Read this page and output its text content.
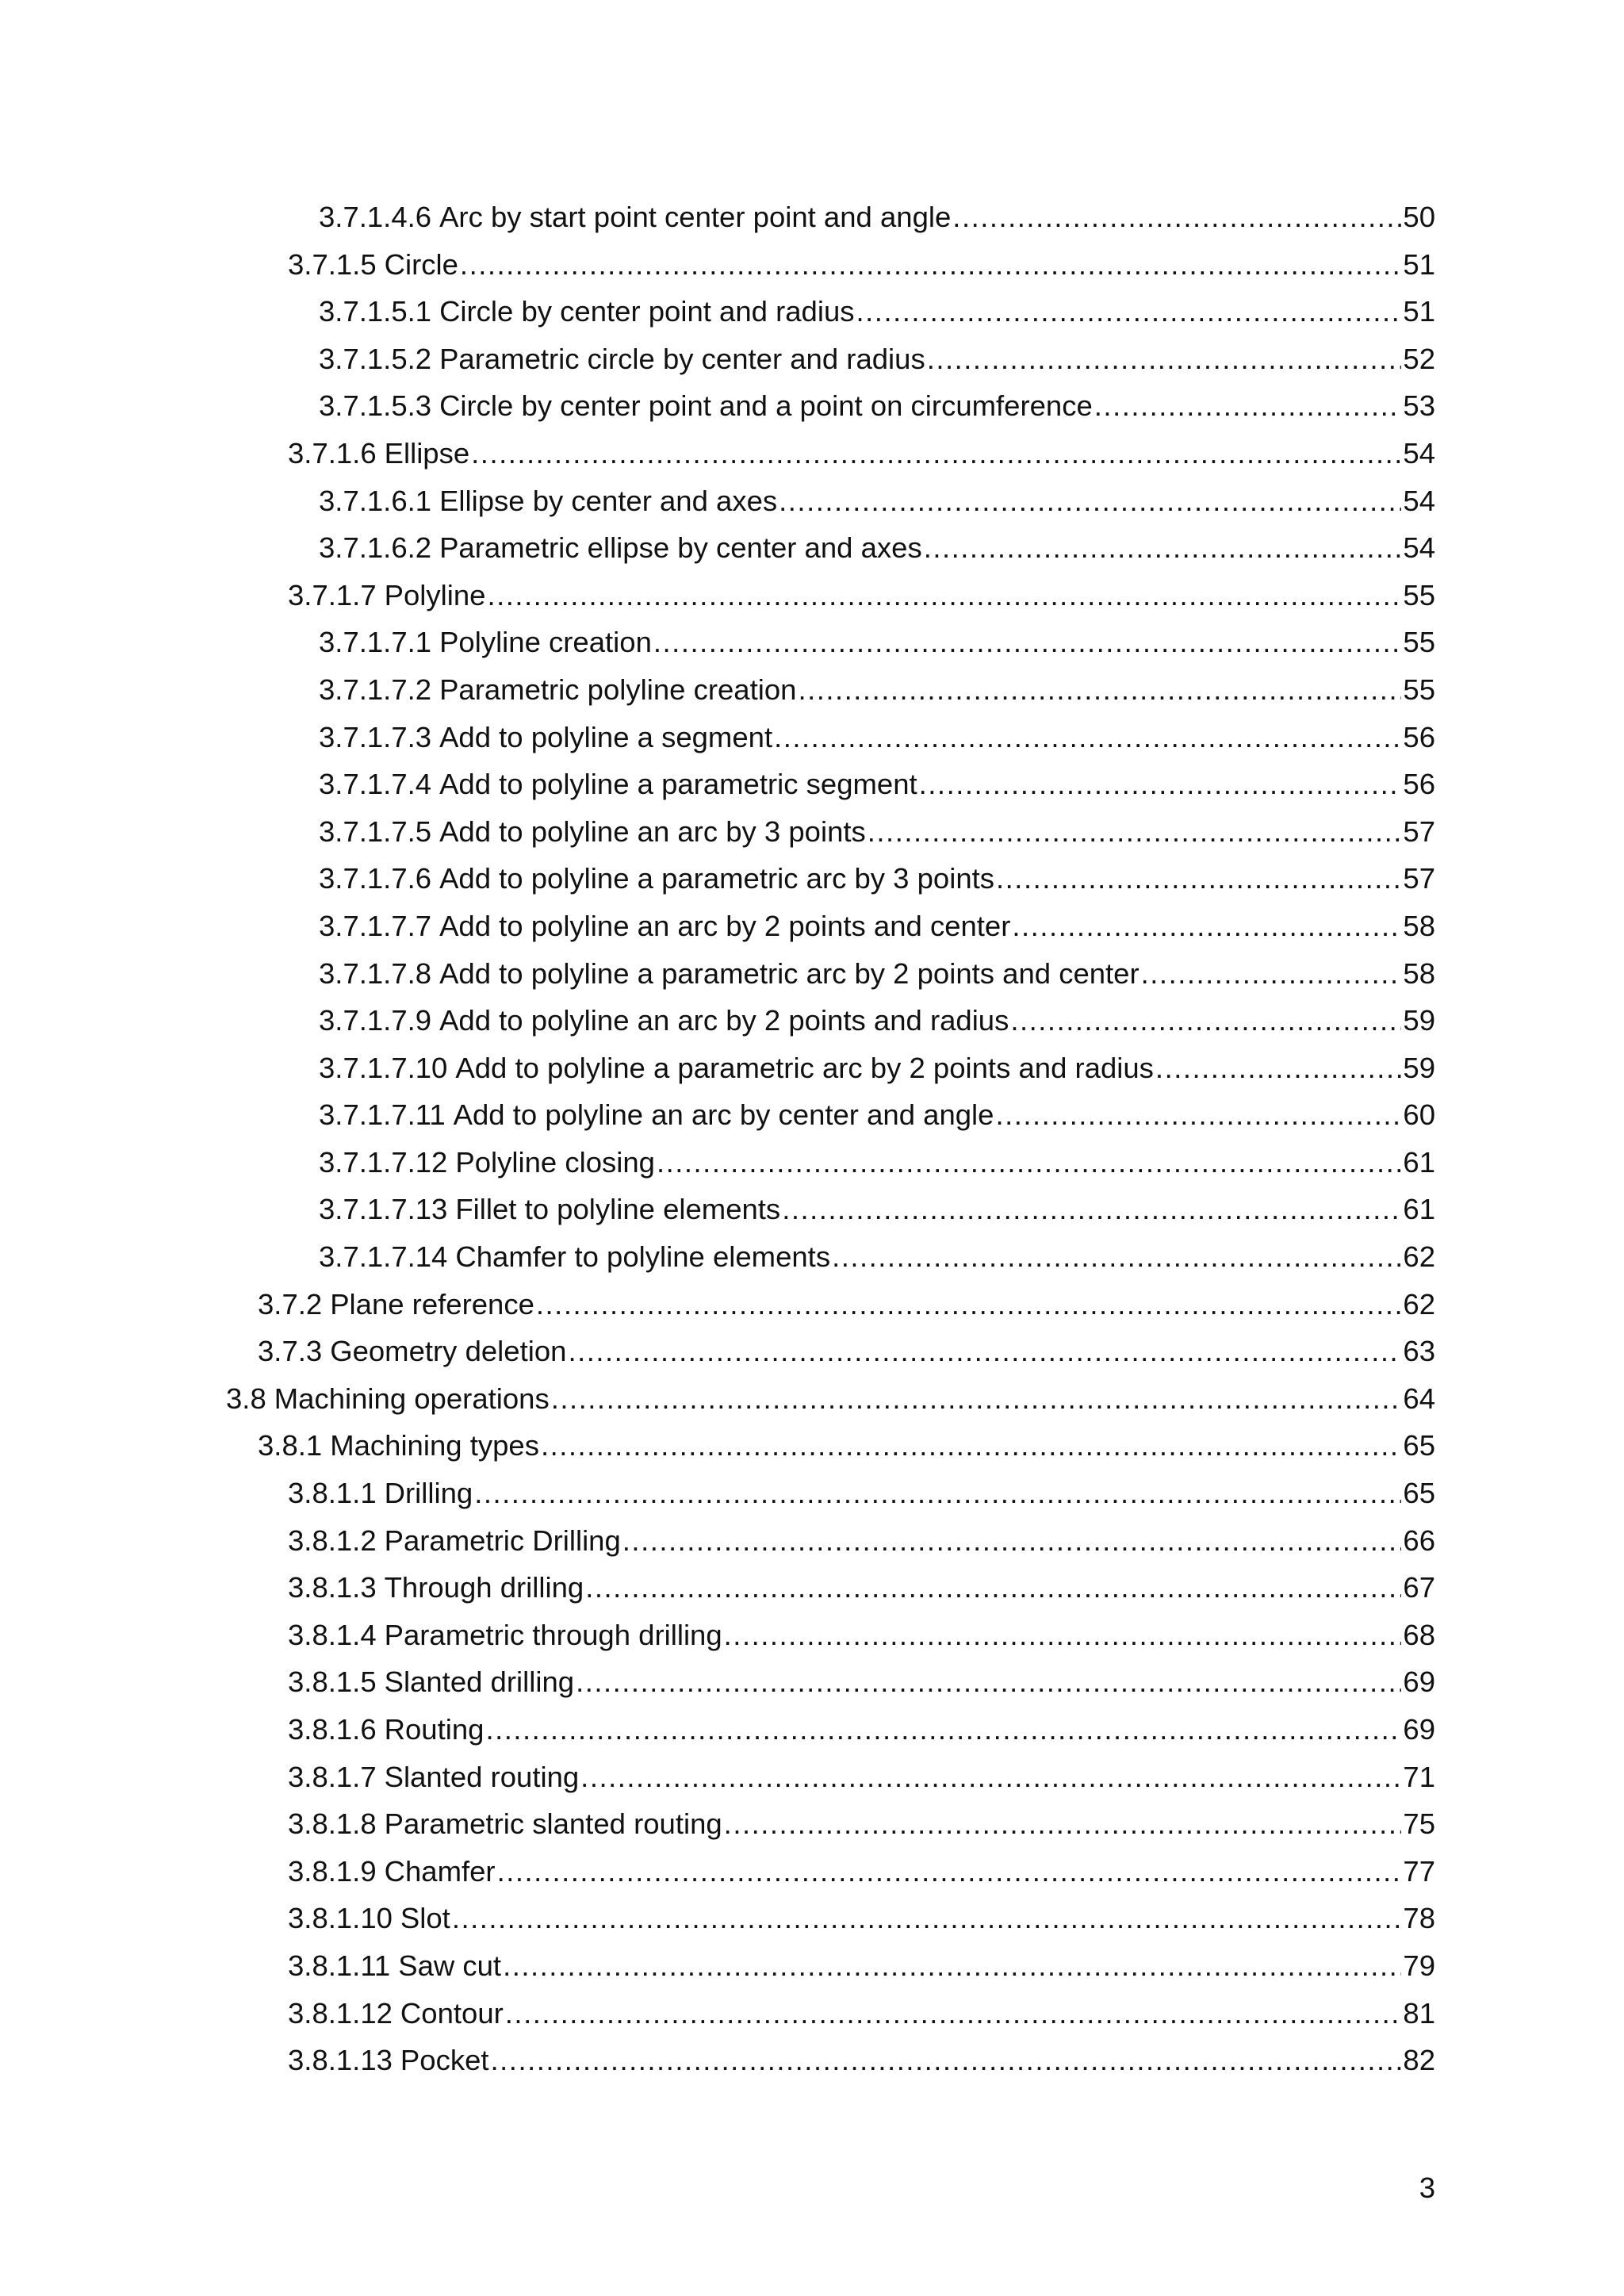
3.7.1.4.6 Arc by start point center point and angle .....	50
3.7.1.5 Circle .....	51
3.7.1.5.1 Circle by center point and radius .....	51
3.7.1.5.2 Parametric circle by center and radius .....	52
3.7.1.5.3 Circle by center point and a point on circumference .....	53
3.7.1.6 Ellipse .....	54
3.7.1.6.1 Ellipse by center and axes .....	54
3.7.1.6.2 Parametric ellipse by center and axes .....	54
3.7.1.7 Polyline .....	55
3.7.1.7.1 Polyline creation .....	55
3.7.1.7.2 Parametric polyline creation .....	55
3.7.1.7.3 Add to polyline a segment .....	56
3.7.1.7.4 Add to polyline a parametric segment .....	56
3.7.1.7.5 Add to polyline an arc by 3 points .....	57
3.7.1.7.6 Add to polyline a parametric arc by 3 points .....	57
3.7.1.7.7 Add to polyline an arc by 2 points and center .....	58
3.7.1.7.8 Add to polyline a parametric arc by 2 points and center .....	58
3.7.1.7.9 Add to polyline an arc by 2 points and radius .....	59
3.7.1.7.10 Add to polyline a parametric arc by 2 points and radius .....	59
3.7.1.7.11 Add to polyline an arc by center and angle .....	60
3.7.1.7.12 Polyline closing .....	61
3.7.1.7.13 Fillet to polyline elements .....	61
3.7.1.7.14 Chamfer to polyline elements .....	62
3.7.2 Plane reference .....	62
3.7.3 Geometry deletion .....	63
3.8 Machining operations .....	64
3.8.1 Machining types .....	65
3.8.1.1 Drilling .....	65
3.8.1.2 Parametric Drilling .....	66
3.8.1.3 Through drilling .....	67
3.8.1.4 Parametric through drilling .....	68
3.8.1.5 Slanted drilling .....	69
3.8.1.6 Routing .....	69
3.8.1.7 Slanted routing .....	71
3.8.1.8 Parametric slanted routing .....	75
3.8.1.9 Chamfer .....	77
3.8.1.10 Slot .....	78
3.8.1.11 Saw cut .....	79
3.8.1.12 Contour .....	81
3.8.1.13 Pocket .....	82
3
